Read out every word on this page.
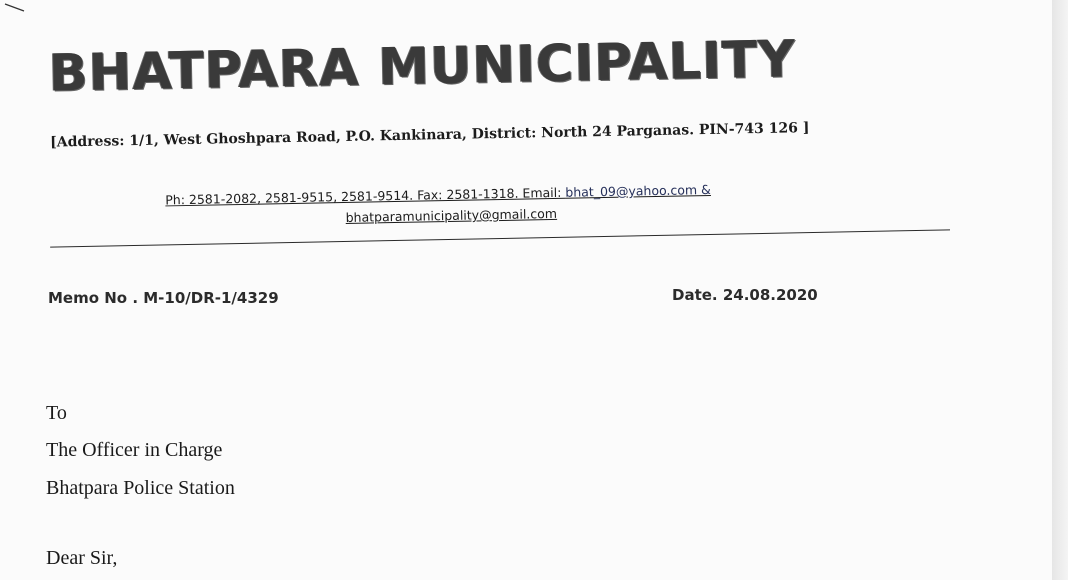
BHATPARA MUNICIPALITY
[Address: 1/1, West Ghoshpara Road, P.O. Kankinara, District: North 24 Parganas. PIN-743 126 ]
Ph: 2581-2082, 2581-9515, 2581-9514. Fax: 2581-1318. Email: bhat_09@yahoo.com &
bhatparamunicipality@gmail.com
Memo No . M-10/DR-1/4329	Date. 24.08.2020
To
The Officer in Charge
Bhatpara Police Station
Dear Sir,
